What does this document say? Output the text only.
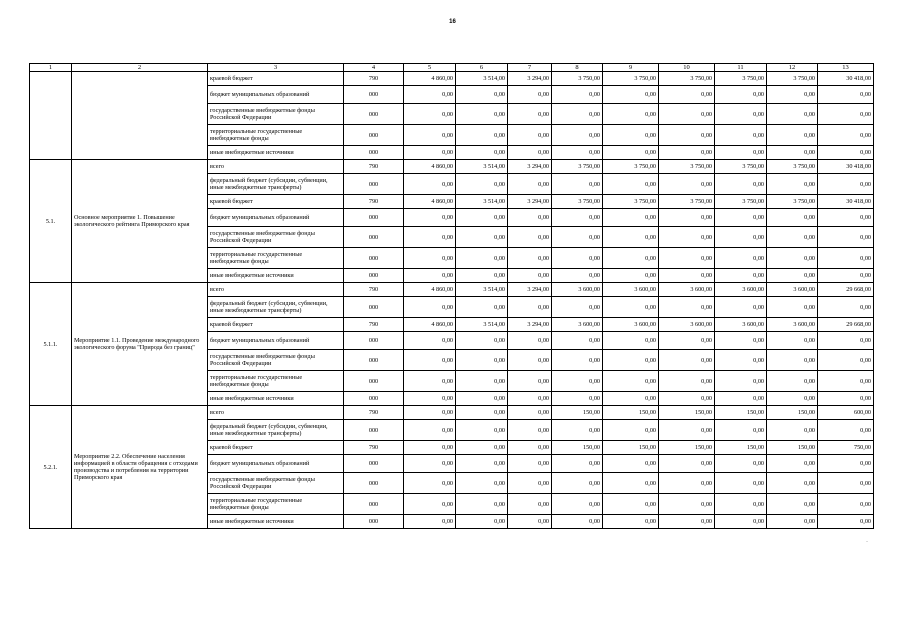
16
1	2	3	4	5	6	7	8	9	10	11	12	13
		краевой бюджет	790	4 860,00	3 514,00	3 294,00	3 750,00	3 750,00	3 750,00	3 750,00	3 750,00	30 418,00
		бюджет муниципальных образований	000	0,00	0,00	0,00	0,00	0,00	0,00	0,00	0,00	0,00
		государственные внебюджетные фонды Российской Федерации	000	0,00	0,00	0,00	0,00	0,00	0,00	0,00	0,00	0,00
		территориальные государственные внебюджетные фонды	000	0,00	0,00	0,00	0,00	0,00	0,00	0,00	0,00	0,00
		иные внебюджетные источники	000	0,00	0,00	0,00	0,00	0,00	0,00	0,00	0,00	0,00
5.1.	Основное мероприятие 1. Повышение экологического рейтинга Приморского края	всего	790	4 860,00	3 514,00	3 294,00	3 750,00	3 750,00	3 750,00	3 750,00	3 750,00	30 418,00
		федеральный бюджет (субсидии, субвенции, иные межбюджетные трансферты)	000	0,00	0,00	0,00	0,00	0,00	0,00	0,00	0,00	0,00
		краевой бюджет	790	4 860,00	3 514,00	3 294,00	3 750,00	3 750,00	3 750,00	3 750,00	3 750,00	30 418,00
		бюджет муниципальных образований	000	0,00	0,00	0,00	0,00	0,00	0,00	0,00	0,00	0,00
		государственные внебюджетные фонды Российской Федерации	000	0,00	0,00	0,00	0,00	0,00	0,00	0,00	0,00	0,00
		территориальные государственные внебюджетные фонды	000	0,00	0,00	0,00	0,00	0,00	0,00	0,00	0,00	0,00
		иные внебюджетные источники	000	0,00	0,00	0,00	0,00	0,00	0,00	0,00	0,00	0,00
5.1.1.	Мероприятие 1.1. Проведение международного экологического форума "Природа без границ"	всего	790	4 860,00	3 514,00	3 294,00	3 600,00	3 600,00	3 600,00	3 600,00	3 600,00	29 668,00
		федеральный бюджет (субсидии, субвенции, иные межбюджетные трансферты)	000	0,00	0,00	0,00	0,00	0,00	0,00	0,00	0,00	0,00
		краевой бюджет	790	4 860,00	3 514,00	3 294,00	3 600,00	3 600,00	3 600,00	3 600,00	3 600,00	29 668,00
		бюджет муниципальных образований	000	0,00	0,00	0,00	0,00	0,00	0,00	0,00	0,00	0,00
		государственные внебюджетные фонды Российской Федерации	000	0,00	0,00	0,00	0,00	0,00	0,00	0,00	0,00	0,00
		территориальные государственные внебюджетные фонды	000	0,00	0,00	0,00	0,00	0,00	0,00	0,00	0,00	0,00
		иные внебюджетные источники	000	0,00	0,00	0,00	0,00	0,00	0,00	0,00	0,00	0,00
5.2.1.	Мероприятие 2.2. Обеспечение населения информацией в области обращения с отходами производства и потребления на территории Приморского края	всего	790	0,00	0,00	0,00	150,00	150,00	150,00	150,00	150,00	600,00
		федеральный бюджет (субсидии, субвенции, иные межбюджетные трансферты)	000	0,00	0,00	0,00	0,00	0,00	0,00	0,00	0,00	0,00
		краевой бюджет	790	0,00	0,00	0,00	150,00	150,00	150,00	150,00	150,00	750,00
		бюджет муниципальных образований	000	0,00	0,00	0,00	0,00	0,00	0,00	0,00	0,00	0,00
		государственные внебюджетные фонды Российской Федерации	000	0,00	0,00	0,00	0,00	0,00	0,00	0,00	0,00	0,00
		территориальные государственные внебюджетные фонды	000	0,00	0,00	0,00	0,00	0,00	0,00	0,00	0,00	0,00
		иные внебюджетные источники	000	0,00	0,00	0,00	0,00	0,00	0,00	0,00	0,00	0,00
˙
